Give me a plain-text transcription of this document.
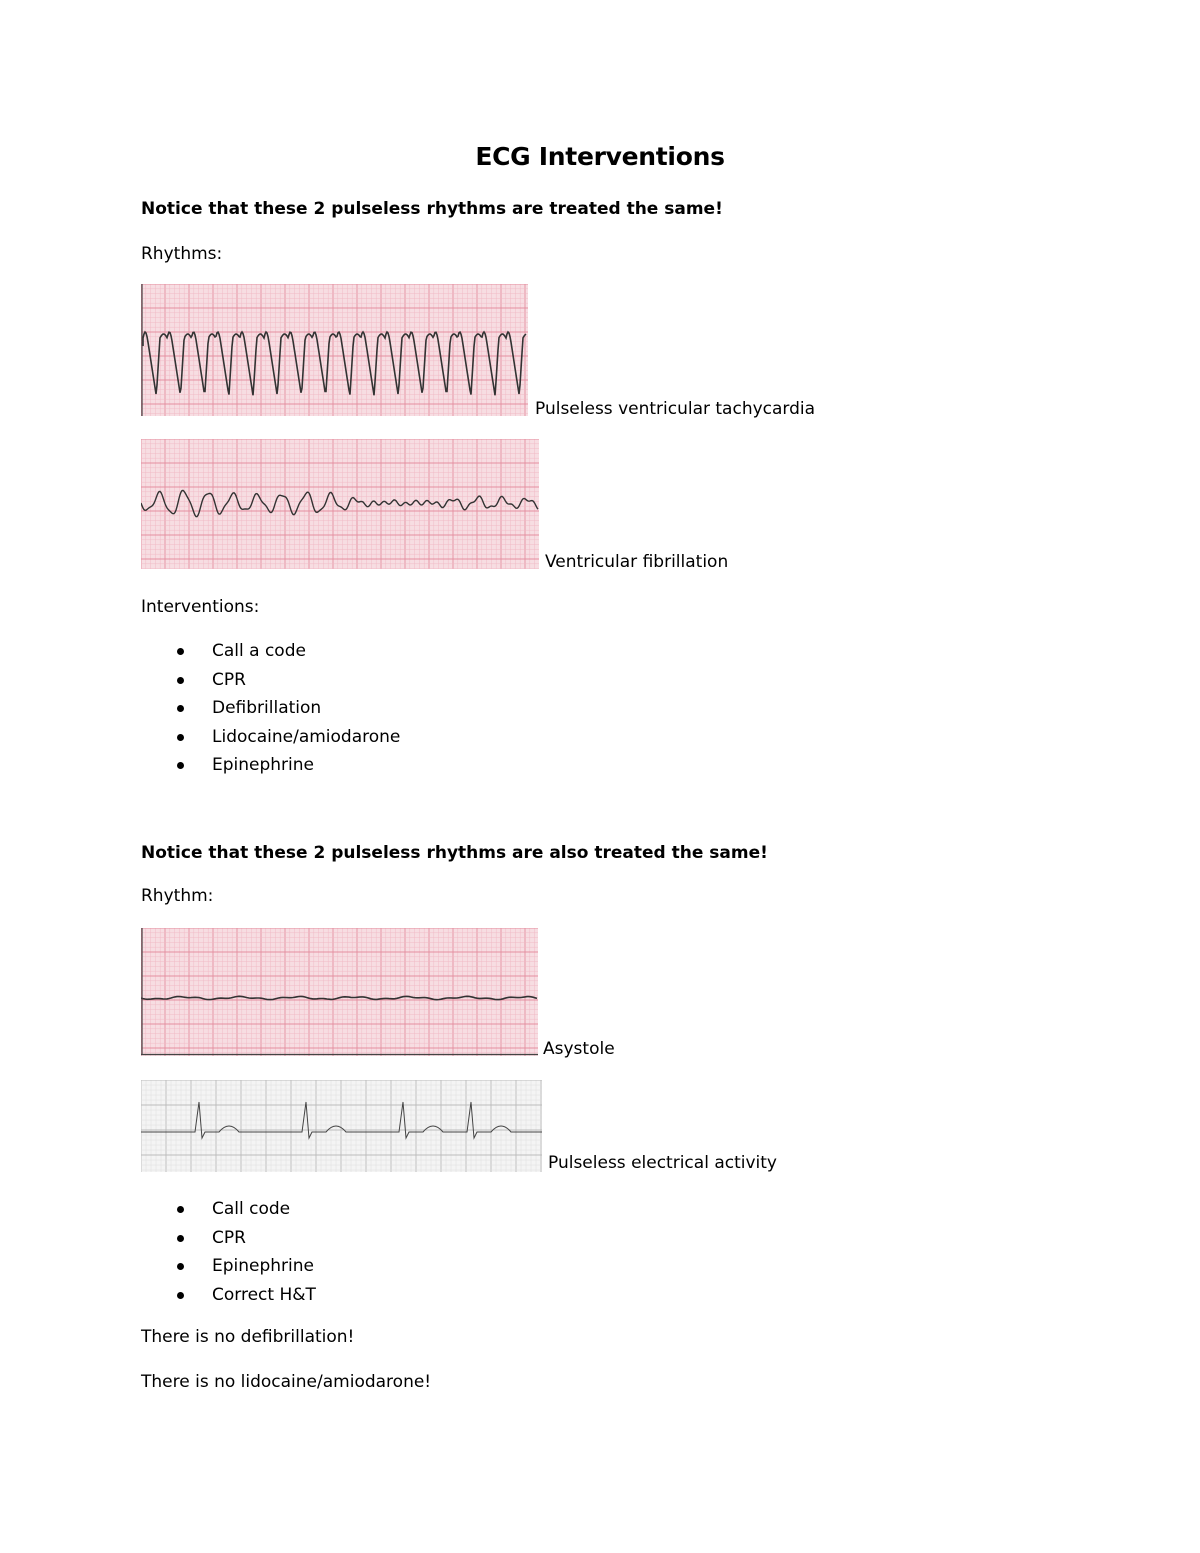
ECG Interventions
Notice that these 2 pulseless rhythms are treated the same!
Rhythms:
Pulseless ventricular tachycardia
Ventricular fibrillation
Interventions:
Call a code
CPR
Defibrillation
Lidocaine/amiodarone
Epinephrine
Notice that these 2 pulseless rhythms are also treated the same!
Rhythm:
Asystole
Pulseless electrical activity
Call code
CPR
Epinephrine
Correct H&T
There is no defibrillation!
There is no lidocaine/amiodarone!
